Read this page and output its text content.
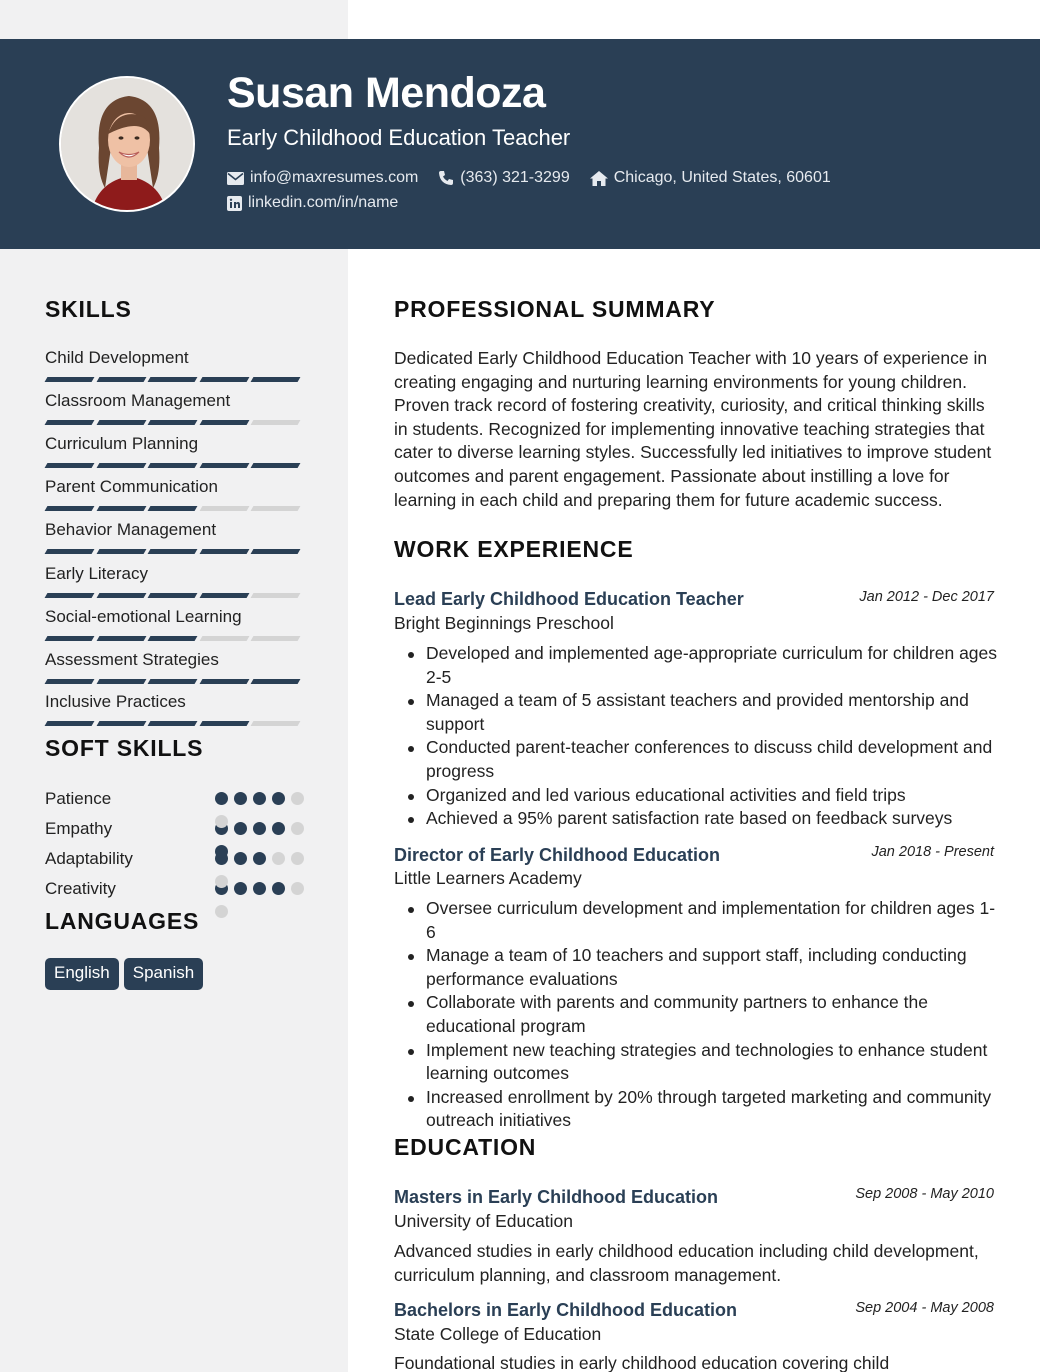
Susan Mendoza
Early Childhood Education Teacher
info@maxresumes.com	(363) 321-3299	Chicago, United States, 60601
linkedin.com/in/name
SKILLS
Child Development
Classroom Management
Curriculum Planning
Parent Communication
Behavior Management
Early Literacy
Social-emotional Learning
Assessment Strategies
Inclusive Practices
SOFT SKILLS
Patience
Empathy
Adaptability
Creativity
LANGUAGES
English	Spanish
PROFESSIONAL SUMMARY
Dedicated Early Childhood Education Teacher with 10 years of experience in creating engaging and nurturing learning environments for young children. Proven track record of fostering creativity, curiosity, and critical thinking skills in students. Recognized for implementing innovative teaching strategies that cater to diverse learning styles. Successfully led initiatives to improve student outcomes and parent engagement. Passionate about instilling a love for learning in each child and preparing them for future academic success.
WORK EXPERIENCE
Lead Early Childhood Education Teacher	Jan 2012 - Dec 2017
Bright Beginnings Preschool
Developed and implemented age-appropriate curriculum for children ages 2-5
Managed a team of 5 assistant teachers and provided mentorship and support
Conducted parent-teacher conferences to discuss child development and progress
Organized and led various educational activities and field trips
Achieved a 95% parent satisfaction rate based on feedback surveys
Director of Early Childhood Education	Jan 2018 - Present
Little Learners Academy
Oversee curriculum development and implementation for children ages 1-6
Manage a team of 10 teachers and support staff, including conducting performance evaluations
Collaborate with parents and community partners to enhance the educational program
Implement new teaching strategies and technologies to enhance student learning outcomes
Increased enrollment by 20% through targeted marketing and community outreach initiatives
EDUCATION
Masters in Early Childhood Education	Sep 2008 - May 2010
University of Education
Advanced studies in early childhood education including child development, curriculum planning, and classroom management.
Bachelors in Early Childhood Education	Sep 2004 - May 2008
State College of Education
Foundational studies in early childhood education covering child
